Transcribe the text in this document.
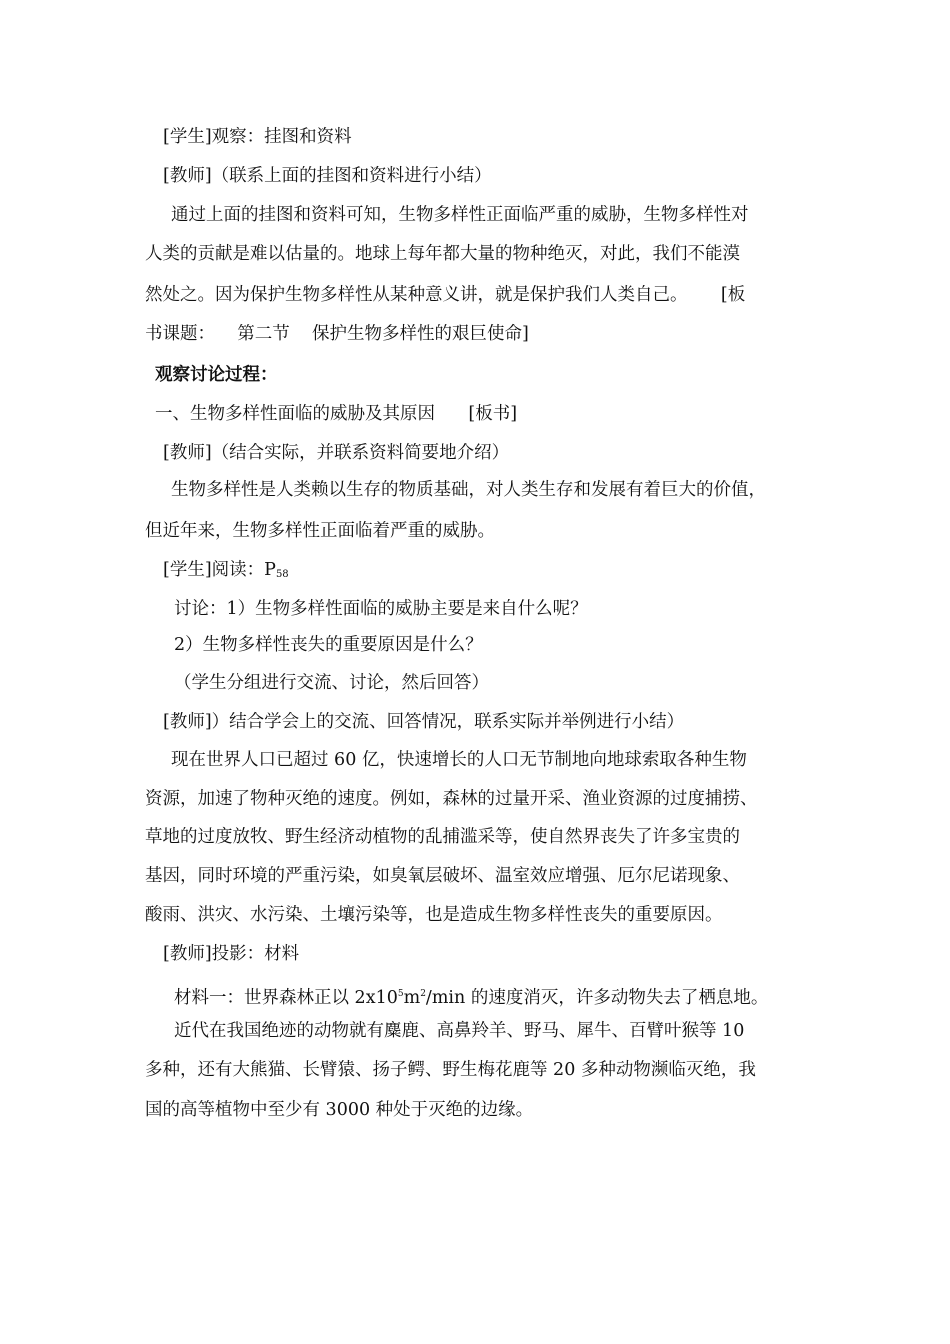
[学生]观察：挂图和资料
[教师]（联系上面的挂图和资料进行小结）
通过上面的挂图和资料可知，生物多样性正面临严重的威胁，生物多样性对
人类的贡献是难以估量的。地球上每年都大量的物种绝灭，对此，我们不能漠
然处之。因为保护生物多样性从某种意义讲，就是保护我们人类自己。      [板
书课题：    第二节    保护生物多样性的艰巨使命]
观察讨论过程：
一、生物多样性面临的威胁及其原因      [板书]
[教师]（结合实际，并联系资料简要地介绍）
生物多样性是人类赖以生存的物质基础，对人类生存和发展有着巨大的价值，
但近年来，生物多样性正面临着严重的威胁。
[学生]阅读：$P_{58}$
讨论：1）生物多样性面临的威胁主要是来自什么呢？
2）生物多样性丧失的重要原因是什么？
（学生分组进行交流、讨论，然后回答）
[教师]）结合学会上的交流、回答情况，联系实际并举例进行小结）
现在世界人口已超过 60 亿，快速增长的人口无节制地向地球索取各种生物
资源，加速了物种灭绝的速度。例如，森林的过量开采、渔业资源的过度捕捞、
草地的过度放牧、野生经济动植物的乱捕滥采等，使自然界丧失了许多宝贵的
基因，同时环境的严重污染，如臭氧层破坏、温室效应增强、厄尔尼诺现象、
酸雨、洪灾、水污染、土壤污染等，也是造成生物多样性丧失的重要原因。
[教师]投影：材料
材料一：世界森林正以 $2x10^5m^2/\min$ 的速度消灭，许多动物失去了栖息地。
近代在我国绝迹的动物就有麋鹿、高鼻羚羊、野马、犀牛、百臂叶猴等 10
多种，还有大熊猫、长臂猿、扬子鳄、野生梅花鹿等 20 多种动物濒临灭绝，我
国的高等植物中至少有 3000 种处于灭绝的边缘。
